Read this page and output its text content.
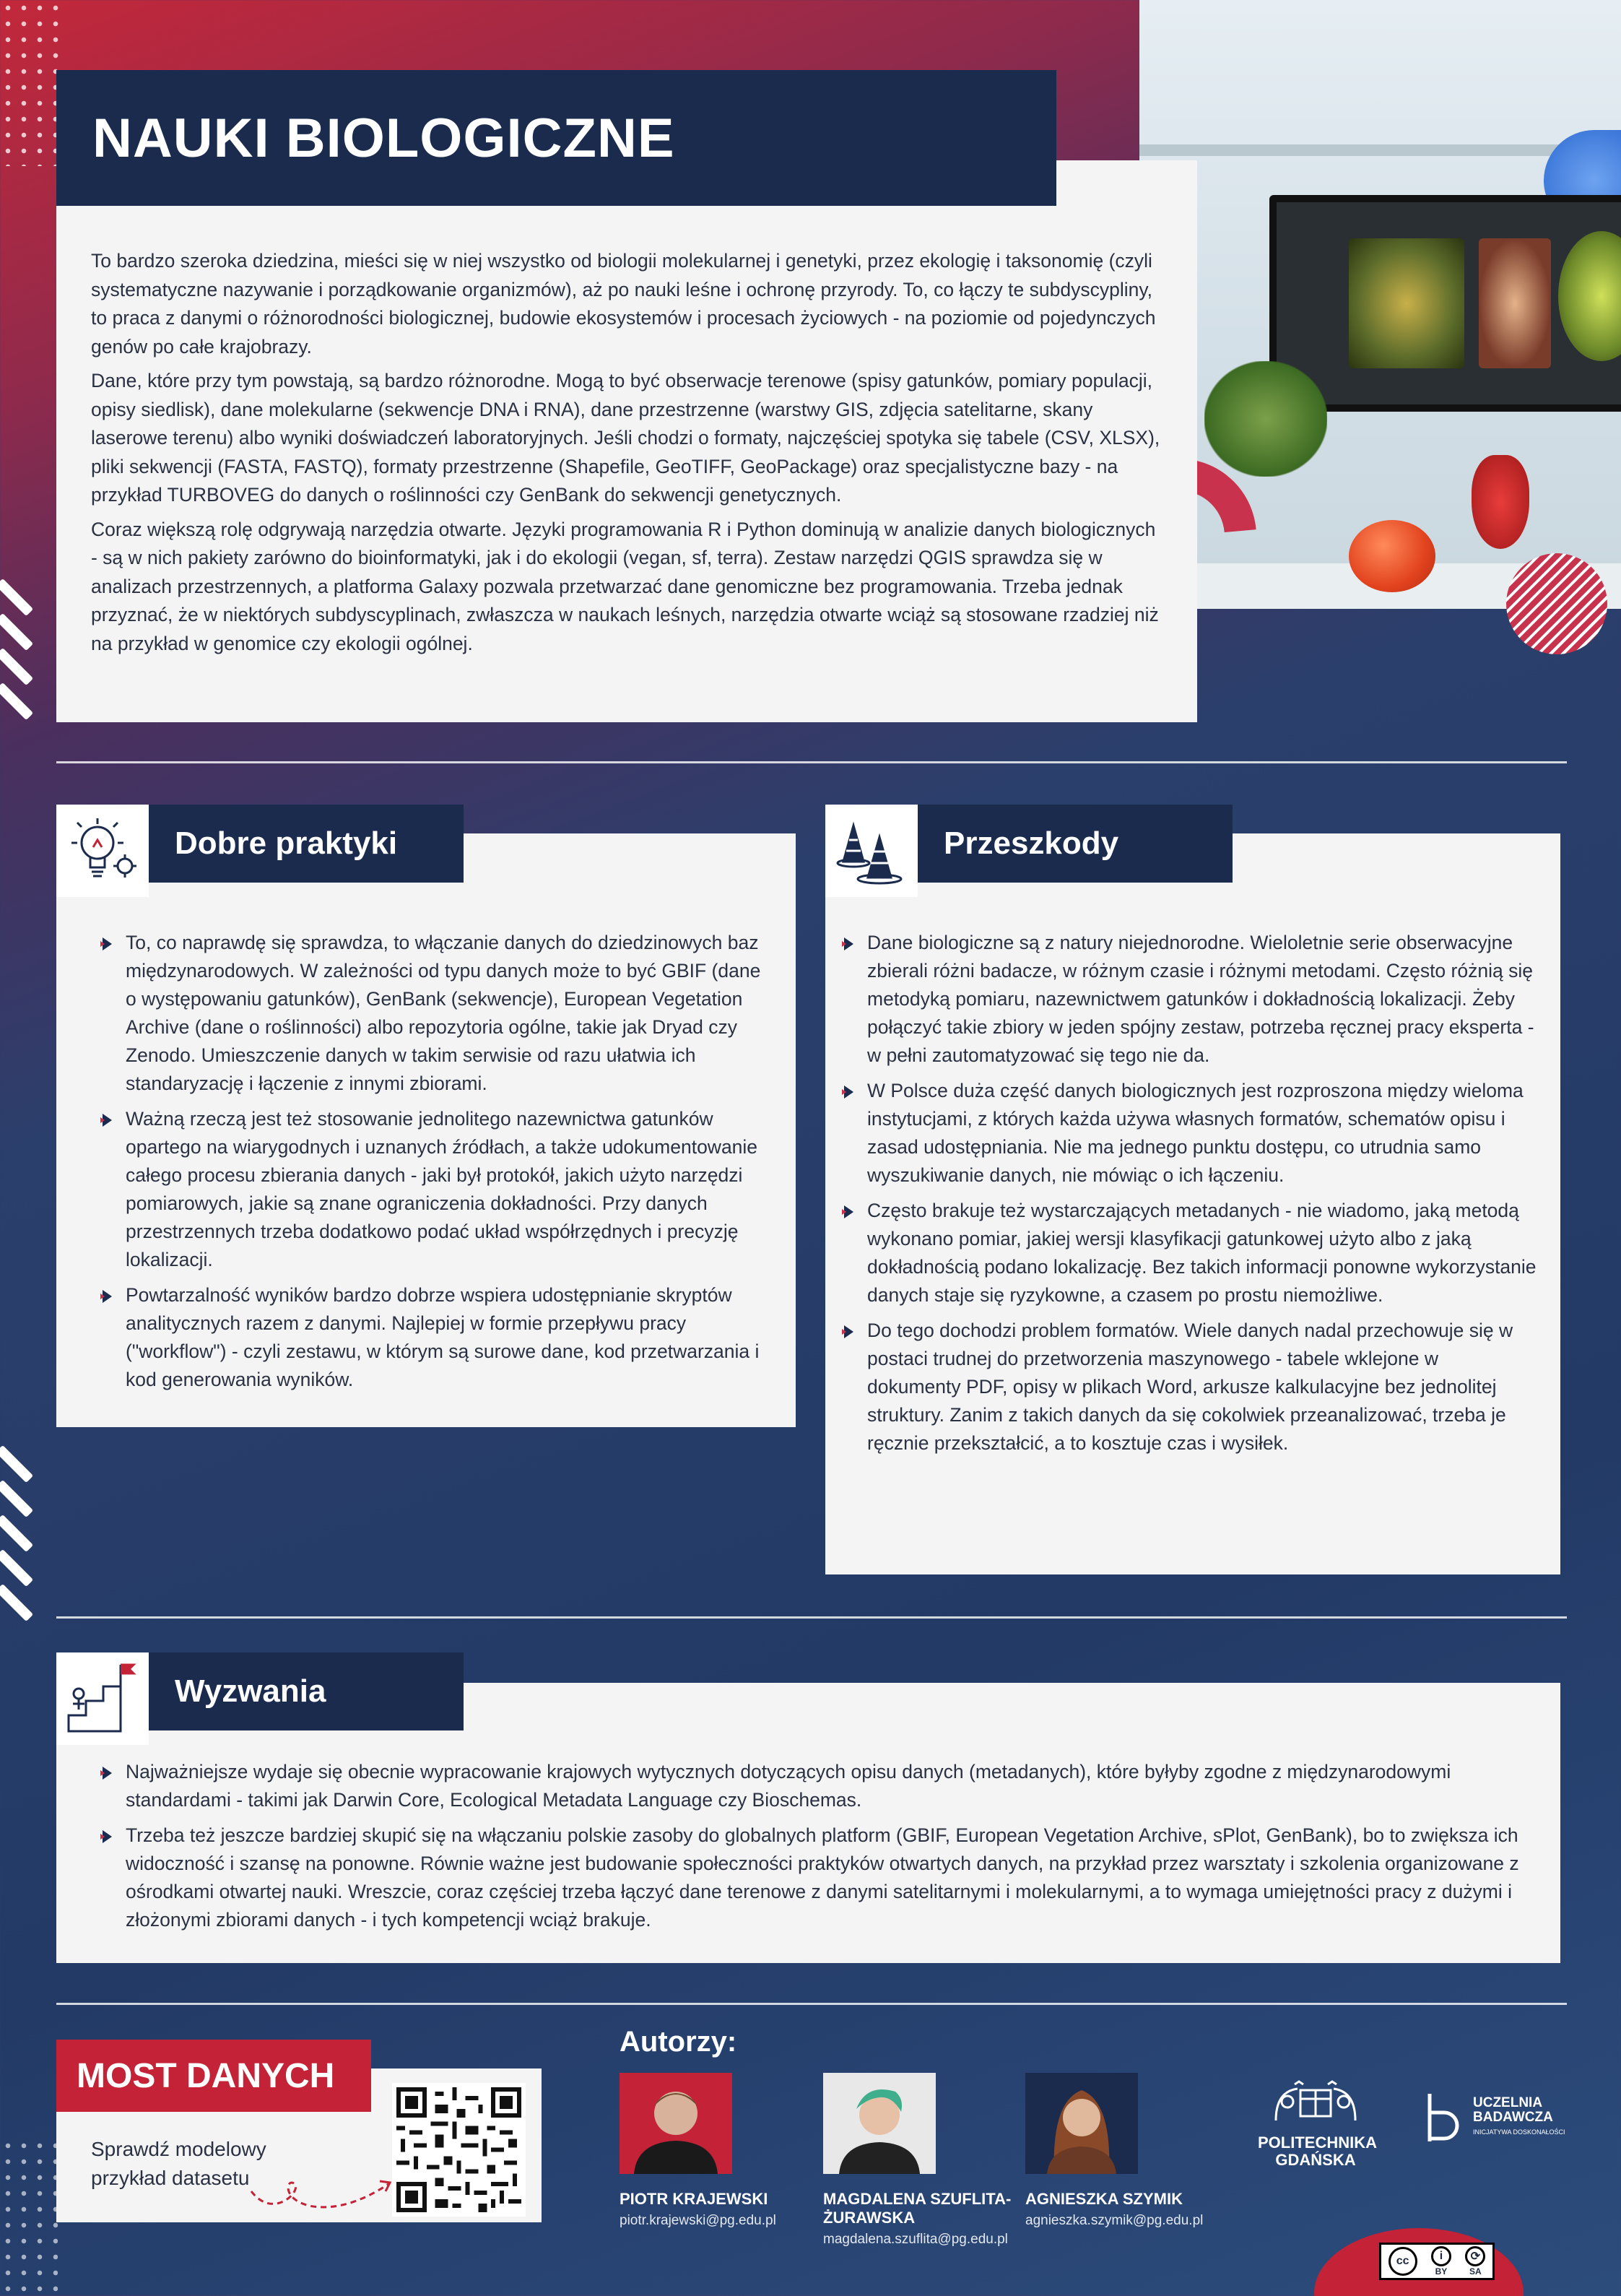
To bardzo szeroka dziedzina, mieści się w niej wszystko od biologii molekularnej i genetyki, przez ekologię i taksonomię (czyli systematyczne nazywanie i porządkowanie organizmów), aż po nauki leśne i ochronę przyrody. To, co łączy te subdyscypliny, to praca z danymi o różnorodności biologicznej, budowie ekosystemów i procesach życiowych - na poziomie od pojedynczych genów po całe krajobrazy.

Dane, które przy tym powstają, są bardzo różnorodne. Mogą to być obserwacje terenowe (spisy gatunków, pomiary populacji, opisy siedlisk), dane molekularne (sekwencje DNA i RNA), dane przestrzenne (warstwy GIS, zdjęcia satelitarne, skany laserowe terenu) albo wyniki doświadczeń laboratoryjnych. Jeśli chodzi o formaty, najczęściej spotyka się tabele (CSV, XLSX), pliki sekwencji (FASTA, FASTQ), formaty przestrzenne (Shapefile, GeoTIFF, GeoPackage) oraz specjalistyczne bazy - na przykład TURBOVEG do danych o roślinności czy GenBank do sekwencji genetycznych.

Coraz większą rolę odgrywają narzędzia otwarte. Języki programowania R i Python dominują w analizie danych biologicznych - są w nich pakiety zarówno do bioinformatyki, jak i do ekologii (vegan, sf, terra). Zestaw narzędzi QGIS sprawdza się w analizach przestrzennych, a platforma Galaxy pozwala przetwarzać dane genomiczne bez programowania. Trzeba jednak przyznać, że w niektórych subdyscyplinach, zwłaszcza w naukach leśnych, narzędzia otwarte wciąż są stosowane rzadziej niż na przykład w genomice czy ekologii ogólnej.

NAUKI BIOLOGICZNE
To, co naprawdę się sprawdza, to włączanie danych do dziedzinowych baz międzynarodowych. W zależności od typu danych może to być GBIF (dane o występowaniu gatunków), GenBank (sekwencje), European Vegetation Archive (dane o roślinności) albo repozytoria ogólne, takie jak Dryad czy Zenodo. Umieszczenie danych w takim serwisie od razu ułatwia ich standaryzację i łączenie z innymi zbiorami.
Ważną rzeczą jest też stosowanie jednolitego nazewnictwa gatunków opartego na wiarygodnych i uznanych źródłach, a także udokumentowanie całego procesu zbierania danych - jaki był protokół, jakich użyto narzędzi pomiarowych, jakie są znane ograniczenia dokładności. Przy danych przestrzennych trzeba dodatkowo podać układ współrzędnych i precyzję lokalizacji.
Powtarzalność wyników bardzo dobrze wspiera udostępnianie skryptów analitycznych razem z danymi. Najlepiej w formie przepływu pracy ("workflow") - czyli zestawu, w którym są surowe dane, kod przetwarzania i kod generowania wyników.
Dobre praktyki
Dane biologiczne są z natury niejednorodne. Wieloletnie serie obserwacyjne zbierali różni badacze, w różnym czasie i różnymi metodami. Często różnią się metodyką pomiaru, nazewnictwem gatunków i dokładnością lokalizacji. Żeby połączyć takie zbiory w jeden spójny zestaw, potrzeba ręcznej pracy eksperta - w pełni zautomatyzować się tego nie da.
W Polsce duża część danych biologicznych jest rozproszona między wieloma instytucjami, z których każda używa własnych formatów, schematów opisu i zasad udostępniania. Nie ma jednego punktu dostępu, co utrudnia samo wyszukiwanie danych, nie mówiąc o ich łączeniu.
Często brakuje też wystarczających metadanych - nie wiadomo, jaką metodą wykonano pomiar, jakiej wersji klasyfikacji gatunkowej użyto albo z jaką dokładnością podano lokalizację. Bez takich informacji ponowne wykorzystanie danych staje się ryzykowne, a czasem po prostu niemożliwe.
Do tego dochodzi problem formatów. Wiele danych nadal przechowuje się w postaci trudnej do przetworzenia maszynowego - tabele wklejone w dokumenty PDF, opisy w plikach Word, arkusze kalkulacyjne bez jednolitej struktury. Zanim z takich danych da się cokolwiek przeanalizować, trzeba je ręcznie przekształcić, a to kosztuje czas i wysiłek.
Przeszkody
Najważniejsze wydaje się obecnie wypracowanie krajowych wytycznych dotyczących opisu danych (metadanych), które byłyby zgodne z międzynarodowymi standardami - takimi jak Darwin Core, Ecological Metadata Language czy Bioschemas.
Trzeba też jeszcze bardziej skupić się na włączaniu polskie zasoby do globalnych platform (GBIF, European Vegetation Archive, sPlot, GenBank), bo to zwiększa ich widoczność i szansę na ponowne. Równie ważne jest budowanie społeczności praktyków otwartych danych, na przykład przez warsztaty i szkolenia organizowane z ośrodkami otwartej nauki. Wreszcie, coraz częściej trzeba łączyć dane terenowe z danymi satelitarnymi i molekularnymi, a to wymaga umiejętności pracy z dużymi i złożonymi zbiorami danych - i tych kompetencji wciąż brakuje.
Wyzwania
Sprawdź modelowy przykład datasetu
MOST DANYCH
Autorzy:
PIOTR KRAJEWSKI
piotr.krajewski@pg.edu.pl
MAGDALENA SZUFLITA-ŻURAWSKA
magdalena.szuflita@pg.edu.pl
AGNIESZKA SZYMIK
agnieszka.szymik@pg.edu.pl
POLITECHNIKA GDAŃSKA
UCZELNIA
BADAWCZA
INICJATYWA DOSKONAŁOŚCI
cc	i
BY
⟳
SA
